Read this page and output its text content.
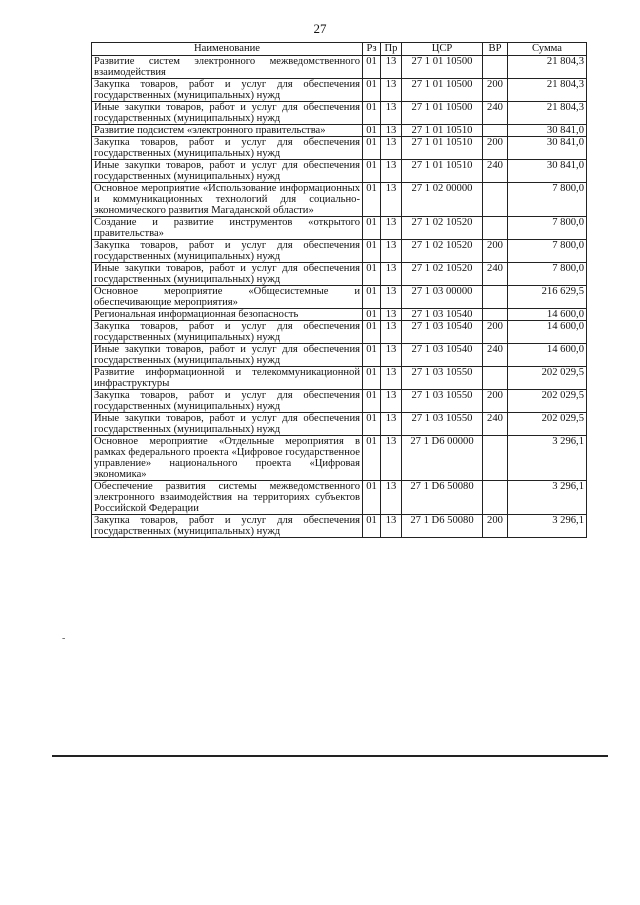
27
Наименование	Рз	Пр	ЦСР	ВР	Сумма
Развитие систем электронного межведомственного взаимодействия	01	13	27 1 01 10500		21 804,3
Закупка товаров, работ и услуг для обеспечения государственных (муниципальных) нужд	01	13	27 1 01 10500	200	21 804,3
Иные закупки товаров, работ и услуг для обеспечения государственных (муниципальных) нужд	01	13	27 1 01 10500	240	21 804,3
Развитие подсистем «электронного правительства»	01	13	27 1 01 10510		30 841,0
Закупка товаров, работ и услуг для обеспечения государственных (муниципальных) нужд	01	13	27 1 01 10510	200	30 841,0
Иные закупки товаров, работ и услуг для обеспечения государственных (муниципальных) нужд	01	13	27 1 01 10510	240	30 841,0
Основное мероприятие «Использование информационных и коммуникационных технологий для социально-экономического развития Магаданской области»	01	13	27 1 02 00000		7 800,0
Создание и развитие инструментов «открытого правительства»	01	13	27 1 02 10520		7 800,0
Закупка товаров, работ и услуг для обеспечения государственных (муниципальных) нужд	01	13	27 1 02 10520	200	7 800,0
Иные закупки товаров, работ и услуг для обеспечения государственных (муниципальных) нужд	01	13	27 1 02 10520	240	7 800,0
Основное мероприятие «Общесистемные и обеспечивающие мероприятия»	01	13	27 1 03 00000		216 629,5
Региональная информационная безопасность	01	13	27 1 03 10540		14 600,0
Закупка товаров, работ и услуг для обеспечения государственных (муниципальных) нужд	01	13	27 1 03 10540	200	14 600,0
Иные закупки товаров, работ и услуг для обеспечения государственных (муниципальных) нужд	01	13	27 1 03 10540	240	14 600,0
Развитие информационной и телекоммуникационной инфраструктуры	01	13	27 1 03 10550		202 029,5
Закупка товаров, работ и услуг для обеспечения государственных (муниципальных) нужд	01	13	27 1 03 10550	200	202 029,5
Иные закупки товаров, работ и услуг для обеспечения государственных (муниципальных) нужд	01	13	27 1 03 10550	240	202 029,5
Основное мероприятие «Отдельные мероприятия в рамках федерального проекта «Цифровое государственное управление» национального проекта «Цифровая экономика»	01	13	27 1 D6 00000		3 296,1
Обеспечение развития системы межведомственного электронного взаимодействия на территориях субъектов Российской Федерации	01	13	27 1 D6 50080		3 296,1
Закупка товаров, работ и услуг для обеспечения государственных (муниципальных) нужд	01	13	27 1 D6 50080	200	3 296,1
-
